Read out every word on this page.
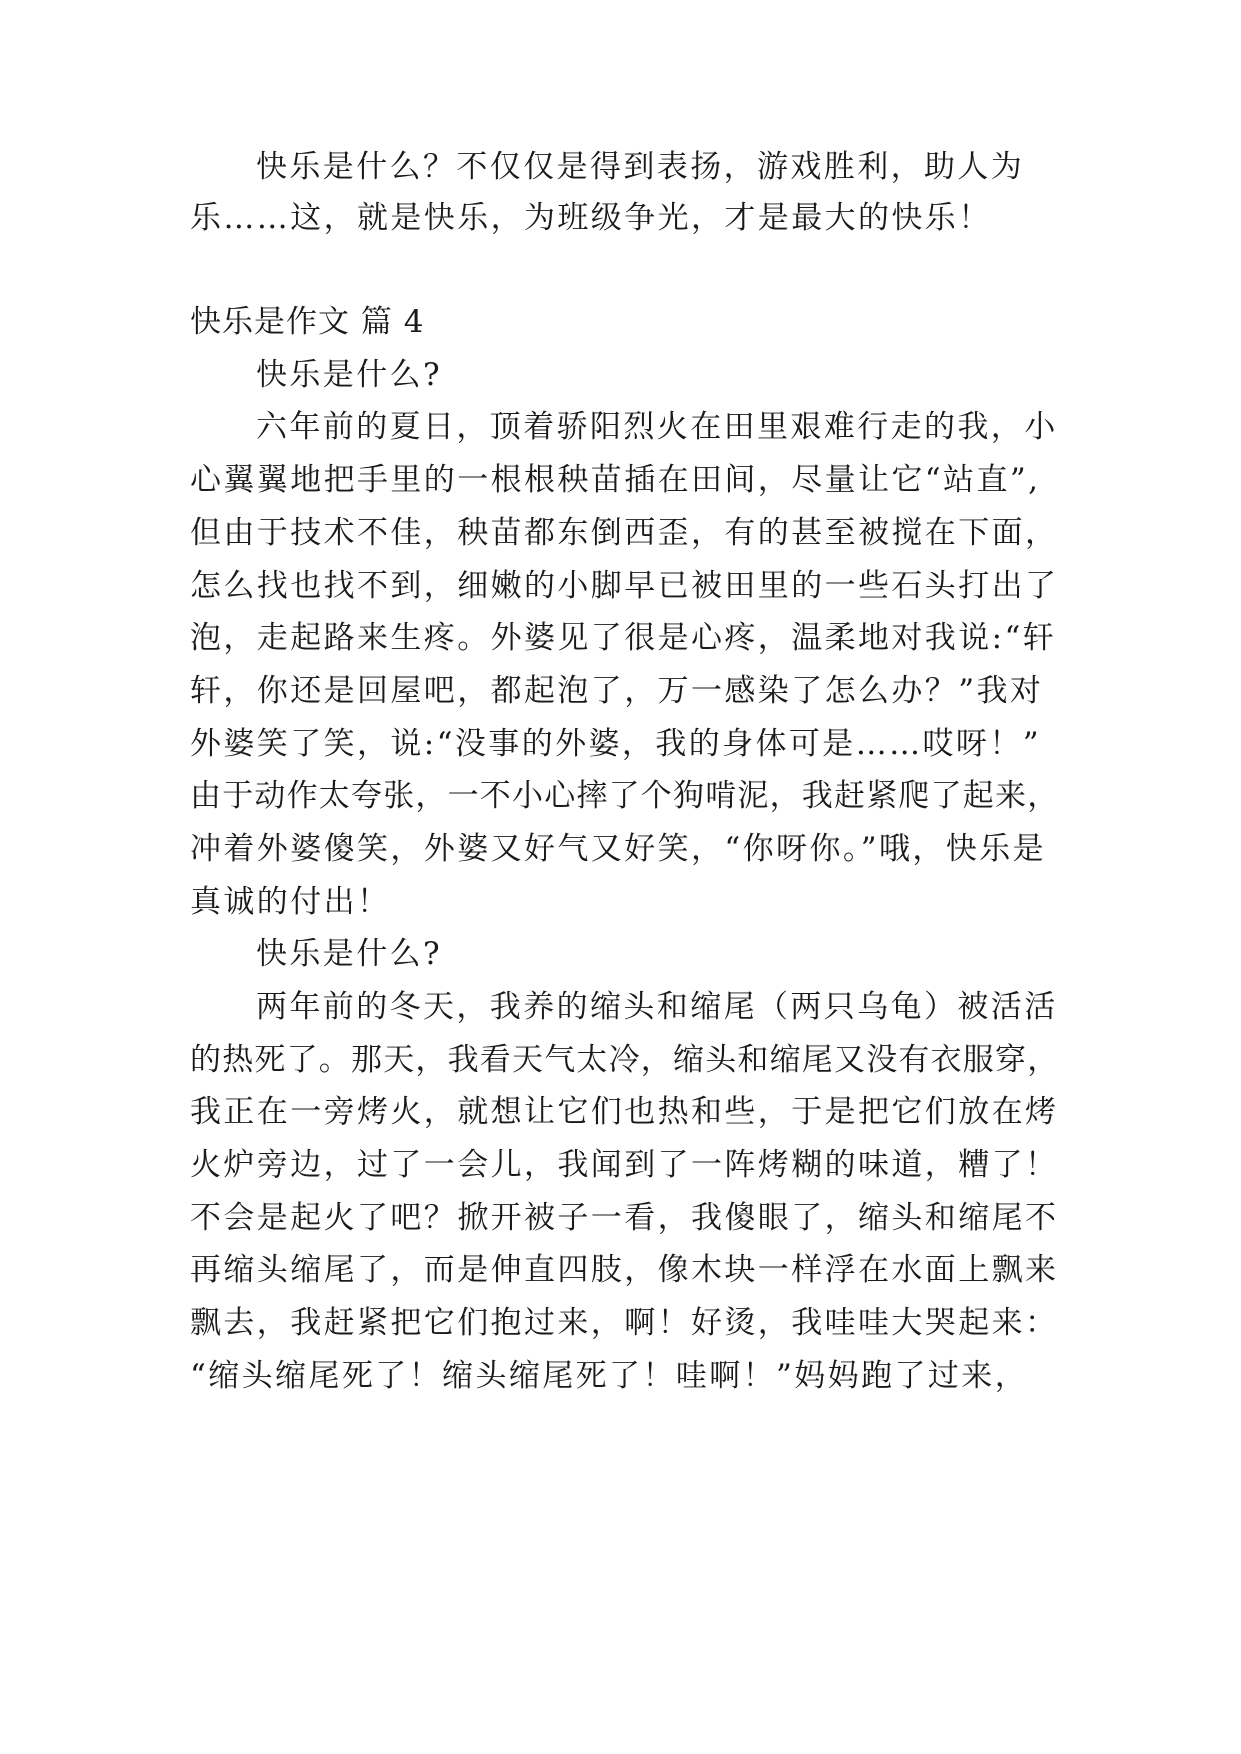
快乐是什么？不仅仅是得到表扬，游戏胜利，助人为
乐……这，就是快乐，为班级争光，才是最大的快乐！
快乐是作文 篇 4
快乐是什么?
六年前的夏日，顶着骄阳烈火在田里艰难行走的我，小
心翼翼地把手里的一根根秧苗插在田间，尽量让它“站直”,
但由于技术不佳，秧苗都东倒西歪，有的甚至被搅在下面，
怎么找也找不到，细嫩的小脚早已被田里的一些石头打出了
泡，走起路来生疼。外婆见了很是心疼，温柔地对我说:“轩
轩，你还是回屋吧，都起泡了，万一感染了怎么办？”我对
外婆笑了笑，说:“没事的外婆，我的身体可是……哎呀！”
由于动作太夸张，一不小心摔了个狗啃泥，我赶紧爬了起来，
冲着外婆傻笑，外婆又好气又好笑，“你呀你。”哦，快乐是
真诚的付出！
快乐是什么?
两年前的冬天，我养的缩头和缩尾（两只乌龟）被活活
的热死了。那天，我看天气太冷，缩头和缩尾又没有衣服穿，
我正在一旁烤火，就想让它们也热和些，于是把它们放在烤
火炉旁边，过了一会儿，我闻到了一阵烤糊的味道，糟了！
不会是起火了吧？掀开被子一看，我傻眼了，缩头和缩尾不
再缩头缩尾了，而是伸直四肢，像木块一样浮在水面上飘来
飘去，我赶紧把它们抱过来，啊！好烫，我哇哇大哭起来：
“缩头缩尾死了！缩头缩尾死了！哇啊！”妈妈跑了过来，
